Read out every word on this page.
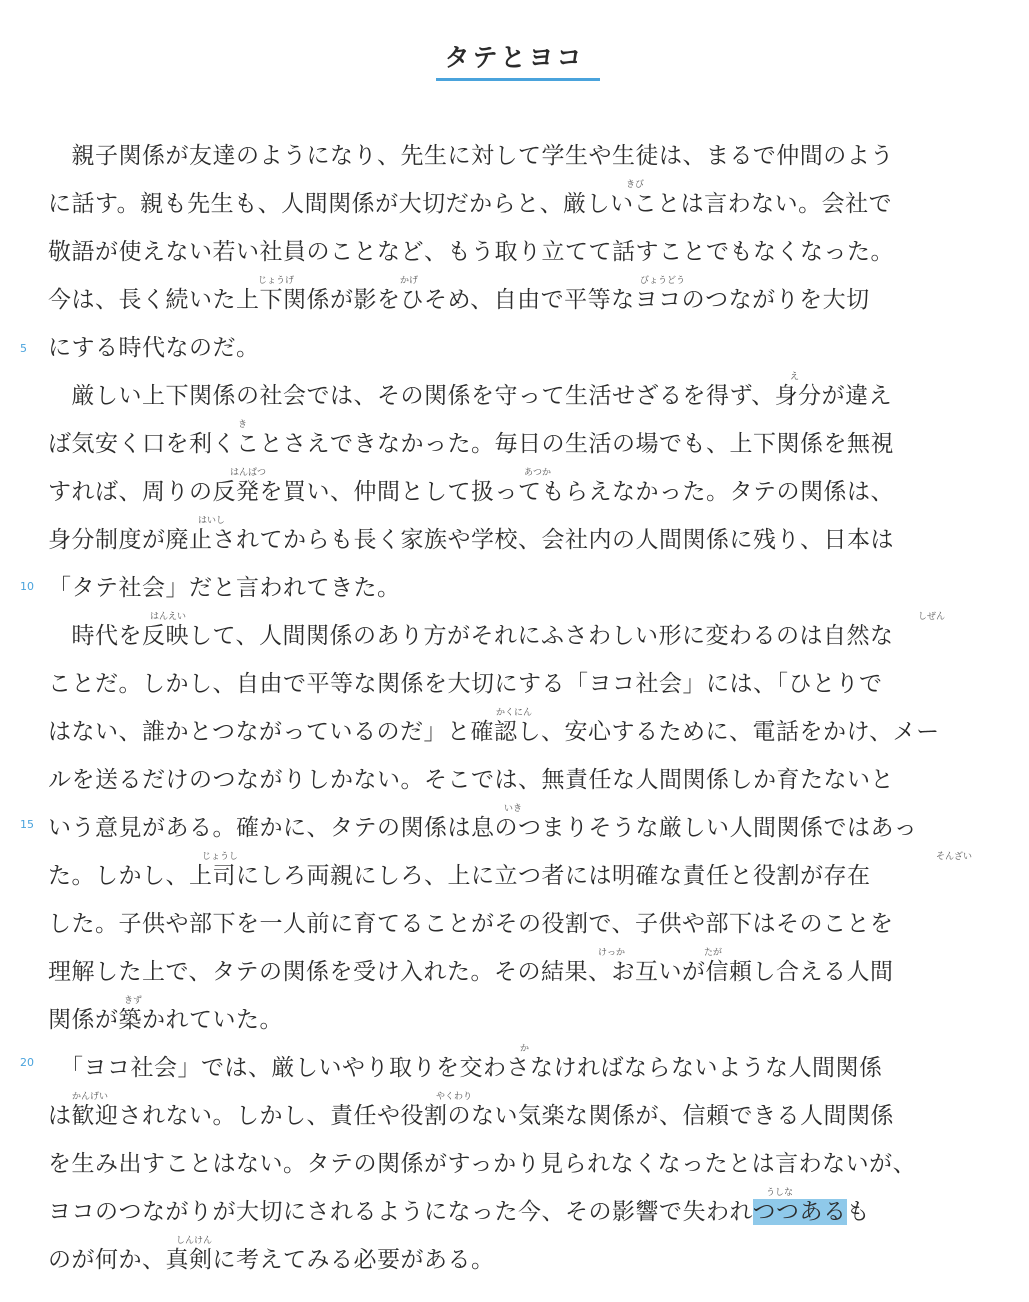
タテとヨコ
　親子関係が友達のようになり、先生に対して学生や生徒は、まるで仲間のよう
に話す。親も先生も、人間関係が大切だからと、厳しいことは言わない。会社で
敬語が使えない若い社員のことなど、もう取り立てて話すことでもなくなった。
今は、長く続いた上下関係が影をひそめ、自由で平等なヨコのつながりを大切
にする時代なのだ。
　厳しい上下関係の社会では、その関係を守って生活せざるを得ず、身分が違え
ば気安く口を利くことさえできなかった。毎日の生活の場でも、上下関係を無視
すれば、周りの反発を買い、仲間として扱ってもらえなかった。タテの関係は、
身分制度が廃止されてからも長く家族や学校、会社内の人間関係に残り、日本は
「タテ社会」だと言われてきた。
　時代を反映して、人間関係のあり方がそれにふさわしい形に変わるのは自然な
ことだ。しかし、自由で平等な関係を大切にする「ヨコ社会」には、「ひとりで
はない、誰かとつながっているのだ」と確認し、安心するために、電話をかけ、メー
ルを送るだけのつながりしかない。そこでは、無責任な人間関係しか育たないと
いう意見がある。確かに、タテの関係は息のつまりそうな厳しい人間関係ではあっ
た。しかし、上司にしろ両親にしろ、上に立つ者には明確な責任と役割が存在
した。子供や部下を一人前に育てることがその役割で、子供や部下はそのことを
理解した上で、タテの関係を受け入れた。その結果、お互いが信頼し合える人間
関係が築かれていた。
　「ヨコ社会」では、厳しいやり取りを交わさなければならないような人間関係
は歓迎されない。しかし、責任や役割のない気楽な関係が、信頼できる人間関係
を生み出すことはない。タテの関係がすっかり見られなくなったとは言わないが、
ヨコのつながりが大切にされるようになった今、その影響で失われつつあるも
のが何か、真剣に考えてみる必要がある。
5
10
15
20
きび
じょうげ	かげ	びょうどう
え
き
はんぱつ	あつか
はいし
はんえい	しぜん
かくにん
いき
じょうし	そんざい
けっか	たが
きず
か
かんげい	やくわり
うしな
しんけん
